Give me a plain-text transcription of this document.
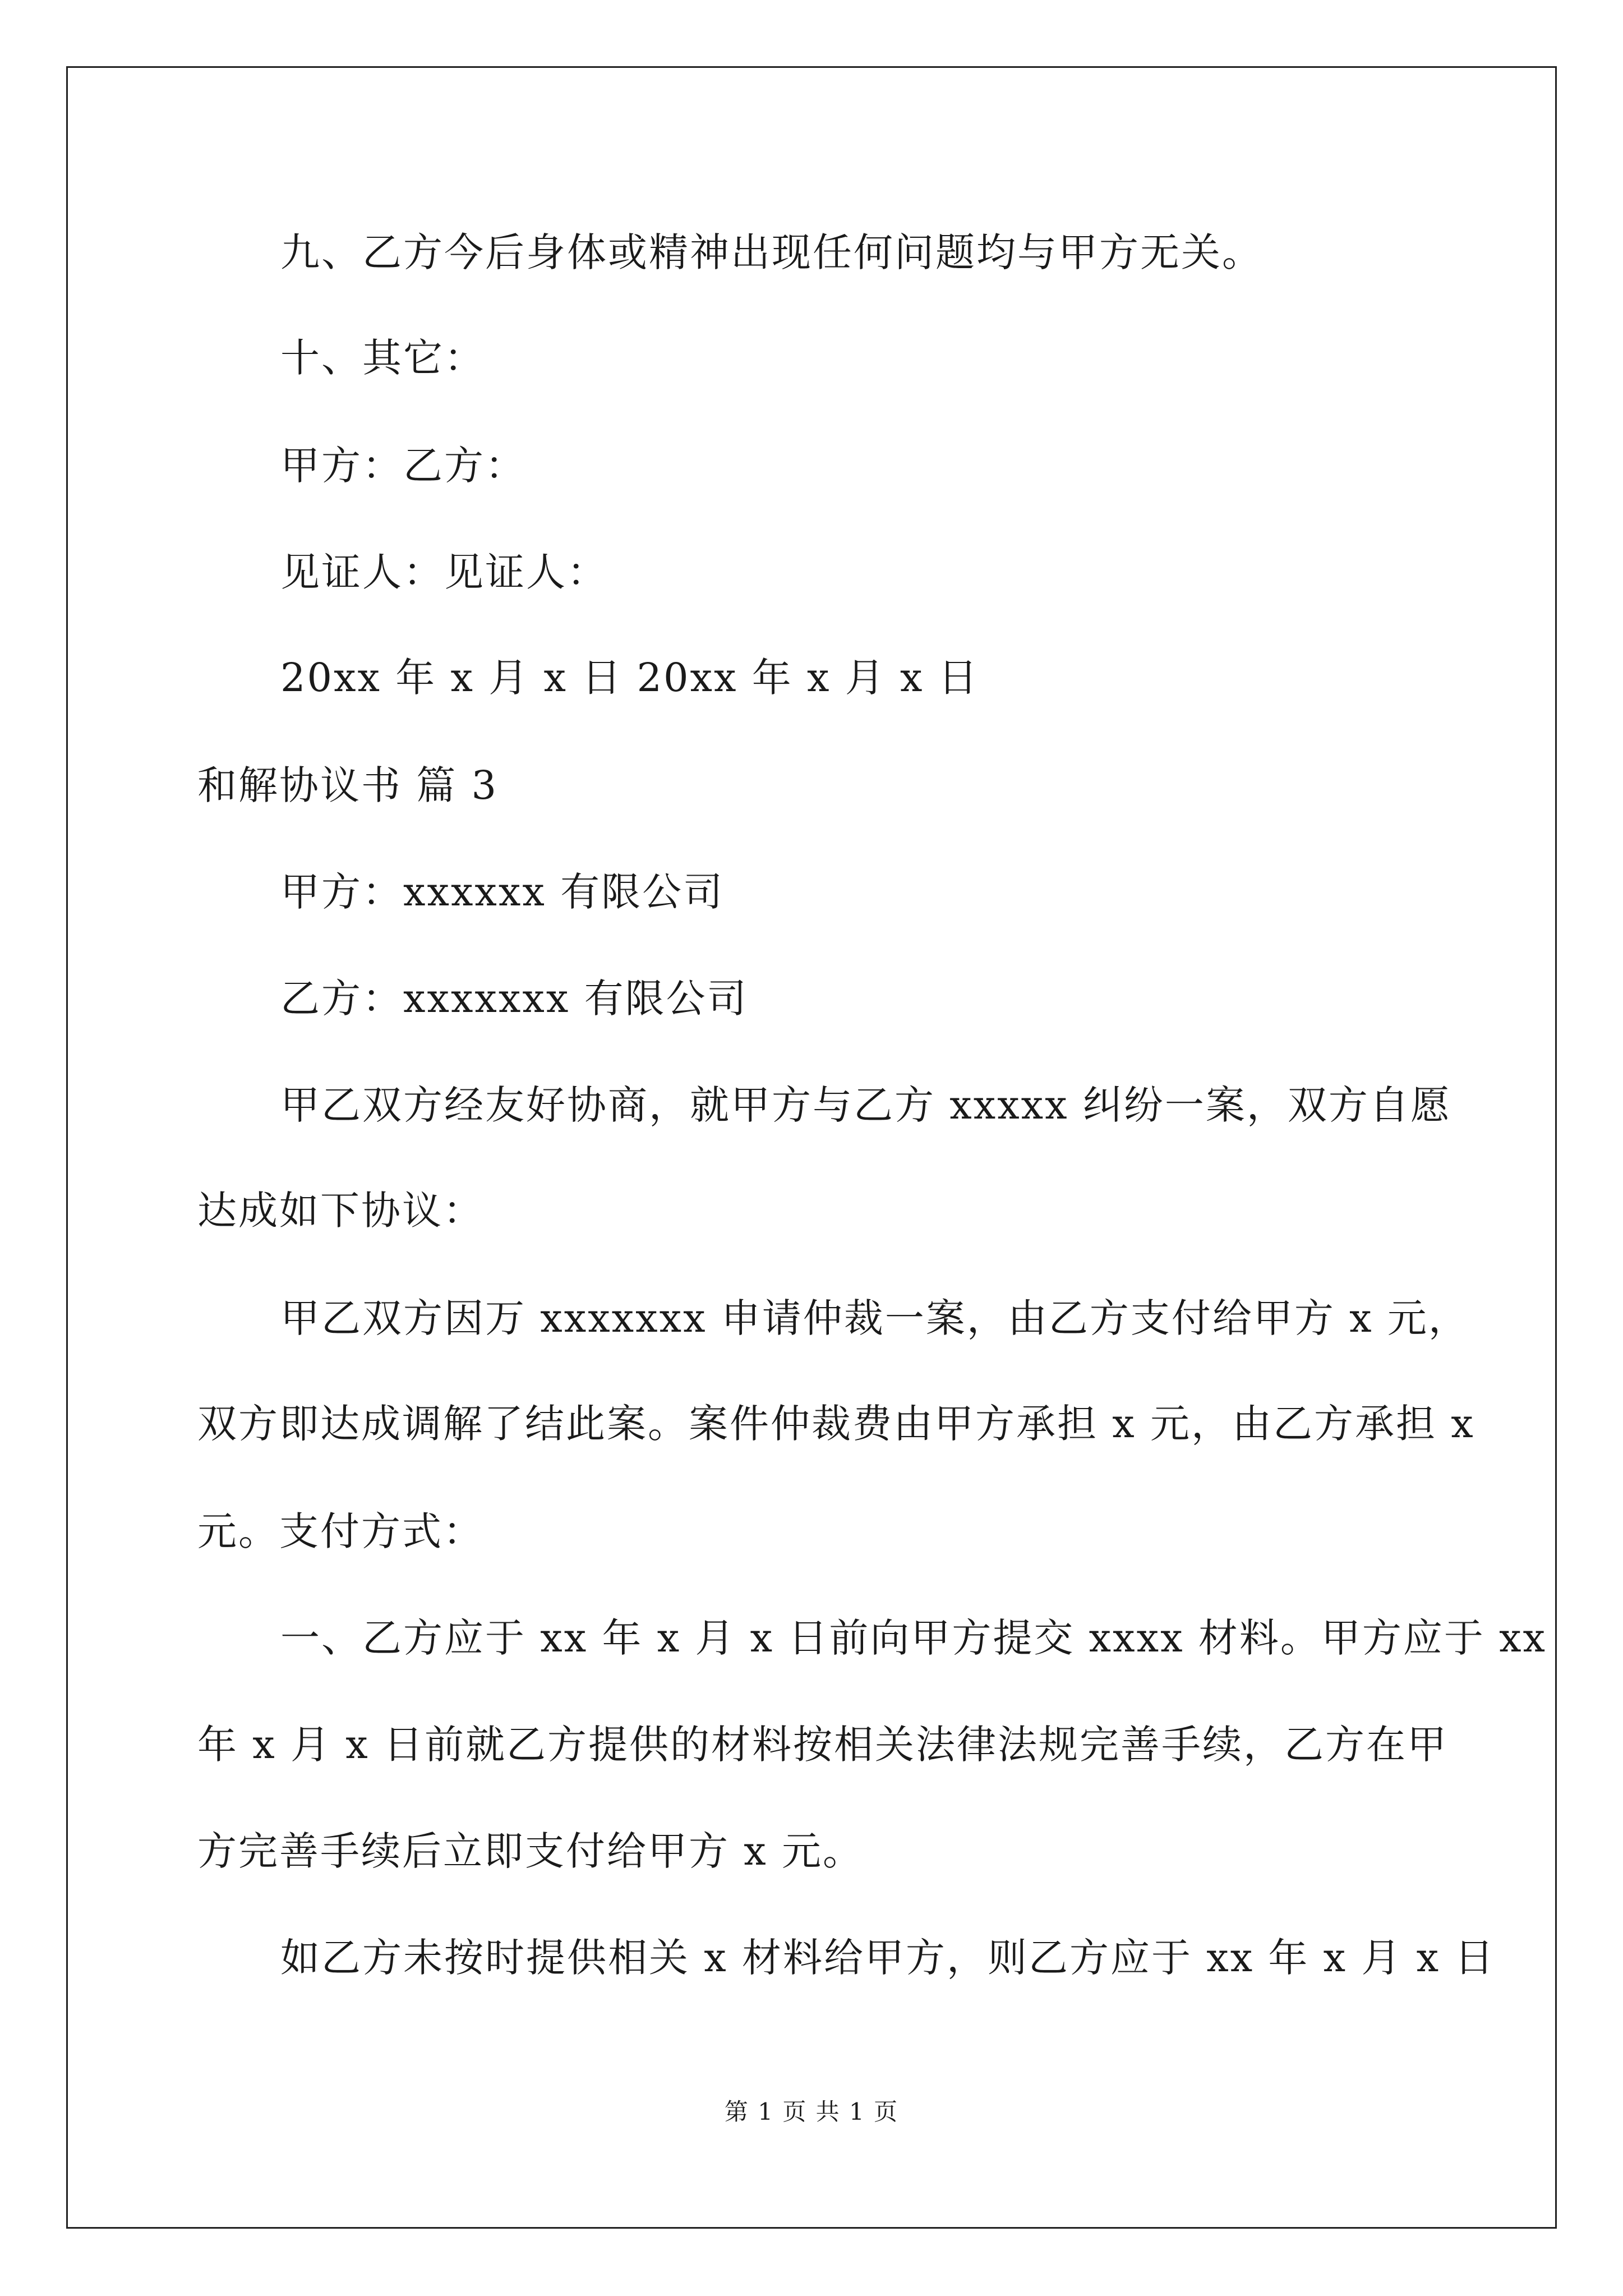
九、乙方今后身体或精神出现任何问题均与甲方无关。

十、其它：

甲方：乙方：

见证人：见证人：

20xx 年 x 月 x 日 20xx 年 x 月 x 日

和解协议书 篇 3

甲方：xxxxxx 有限公司

乙方：xxxxxxx 有限公司

甲乙双方经友好协商，就甲方与乙方 xxxxx 纠纷一案，双方自愿

达成如下协议：

甲乙双方因万 xxxxxxx 申请仲裁一案，由乙方支付给甲方 x 元，

双方即达成调解了结此案。案件仲裁费由甲方承担 x 元，由乙方承担 x

元。支付方式：

一、乙方应于 xx 年 x 月 x 日前向甲方提交 xxxx 材料。甲方应于 xx

年 x 月 x 日前就乙方提供的材料按相关法律法规完善手续，乙方在甲

方完善手续后立即支付给甲方 x 元。

如乙方未按时提供相关 x 材料给甲方，则乙方应于 xx 年 x 月 x 日

第 1 页 共 1 页
